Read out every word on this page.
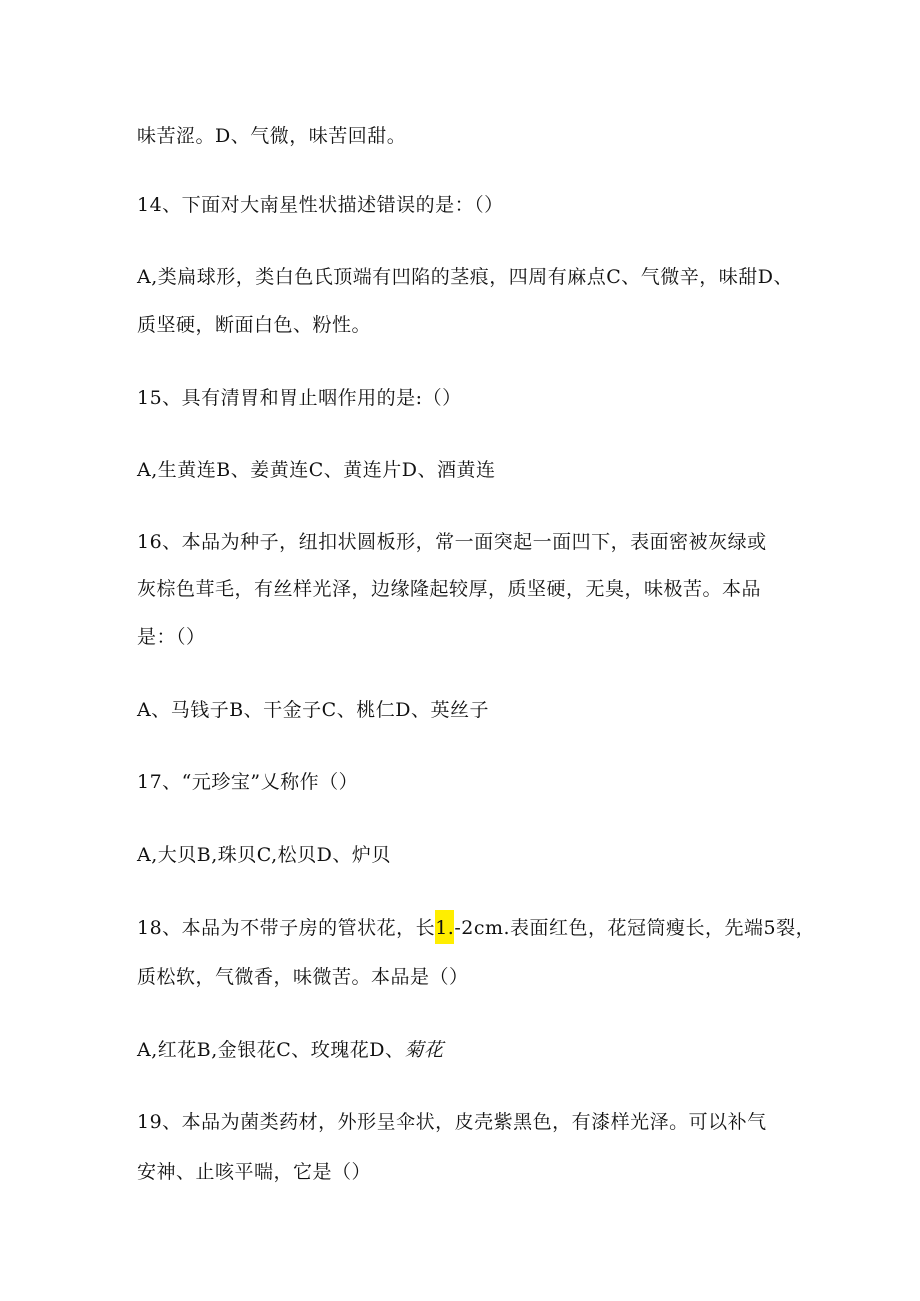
味苦涩。D、气微，味苦回甜。
14、下面对大南星性状描述错误的是：（）
A,类扁球形，类白色氏顶端有凹陷的茎痕，四周有麻点C、气微辛，味甜D、
质坚硬，断面白色、粉性。
15、具有清胃和胃止咽作用的是:（）
A,生黄连B、姜黄连C、黄连片D、酒黄连
16、本品为种子，纽扣状圆板形，常一面突起一面凹下，表面密被灰绿或
灰棕色茸毛，有丝样光泽，边缘隆起较厚，质坚硬，无臭，味极苦。本品
是：（）
A、马钱子B、干金子C、桃仁D、英丝子
17、“元珍宝”乂称作（）
A,大贝B,珠贝C,松贝D、炉贝
18、本品为不带子房的管状花，长1.-2cm.表面红色，花冠筒瘦长，先端5裂，
质松软，气微香，味微苦。本品是（）
A,红花B,金银花C、玫瑰花D、菊花
19、本品为菌类药材，外形呈伞状，皮壳紫黑色，有漆样光泽。可以补气
安神、止咳平喘，它是（）
